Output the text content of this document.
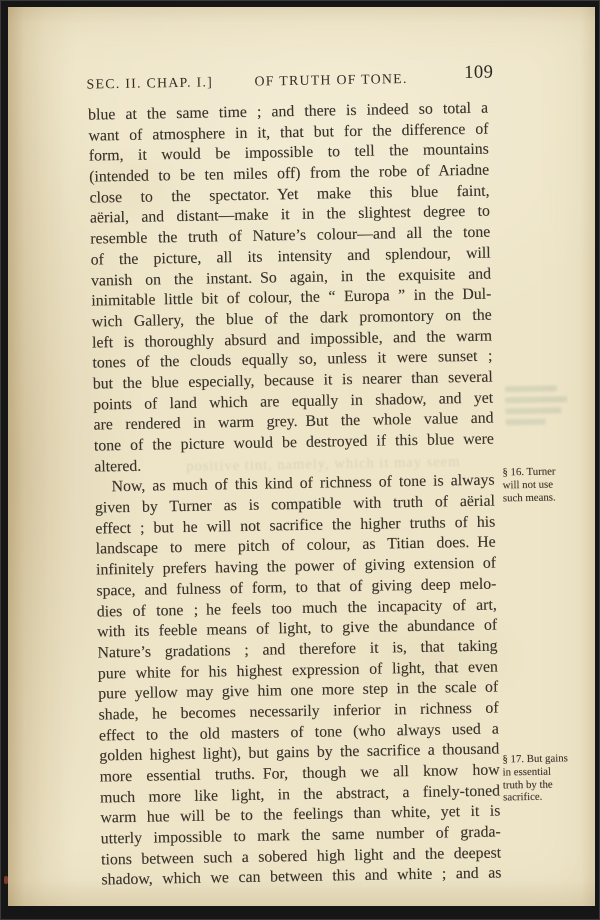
SEC. II. CHAP. I.]	OF TRUTH OF TONE.	109
positive tint, namely, which it may seem
blue at the same time ; and there is indeed so total a
want of atmosphere in it, that but for the difference of
form, it would be impossible to tell the mountains
(intended to be ten miles off) from the robe of Ariadne
close to the spectator. Yet make this blue faint,
aërial, and distant—make it in the slightest degree to
resemble the truth of Nature’s colour—and all the tone
of the picture, all its intensity and splendour, will
vanish on the instant. So again, in the exquisite and
inimitable little bit of colour, the “ Europa ” in the Dul-
wich Gallery, the blue of the dark promontory on the
left is thoroughly absurd and impossible, and the warm
tones of the clouds equally so, unless it were sunset ;
but the blue especially, because it is nearer than several
points of land which are equally in shadow, and yet
are rendered in warm grey. But the whole value and
tone of the picture would be destroyed if this blue were
altered.
Now, as much of this kind of richness of tone is always
given by Turner as is compatible with truth of aërial
effect ; but he will not sacrifice the higher truths of his
landscape to mere pitch of colour, as Titian does. He
infinitely prefers having the power of giving extension of
space, and fulness of form, to that of giving deep melo-
dies of tone ; he feels too much the incapacity of art,
with its feeble means of light, to give the abundance of
Nature’s gradations ; and therefore it is, that taking
pure white for his highest expression of light, that even
pure yellow may give him one more step in the scale of
shade, he becomes necessarily inferior in richness of
effect to the old masters of tone (who always used a
golden highest light), but gains by the sacrifice a thousand
more essential truths. For, though we all know how
much more like light, in the abstract, a finely-toned
warm hue will be to the feelings than white, yet it is
utterly impossible to mark the same number of grada-
tions between such a sobered high light and the deepest
shadow, which we can between this and white ; and as
§ 16. Turner
will not use
such means.
§ 17. But gains
in essential
truth by the
sacrifice.
